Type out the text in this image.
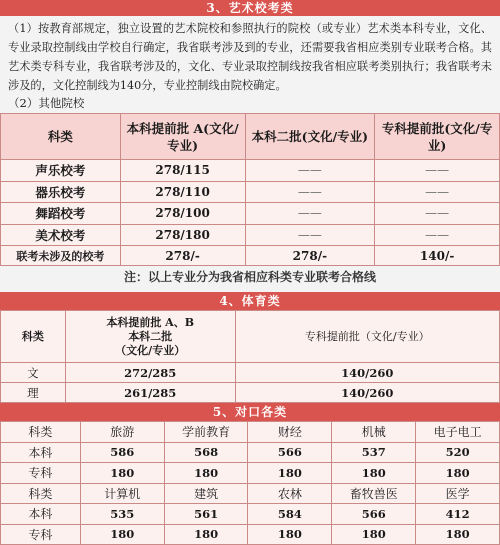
3、艺术校考类
（1）按教育部规定，独立设置的艺术院校和参照执行的院校（或专业）艺术类本科专业，文化、专业录取控制线由学校自行确定，我省联考涉及到的专业，还需要我省相应类别专业联考合格。其艺术类专科专业，我省联考涉及的，文化、专业录取控制线按我省相应联考类别执行；我省联考未涉及的，文化控制线为140分，专业控制线由院校确定。
（2）其他院校
科类	本科提前批 A(文化/专业)	本科二批(文化/专业)	专科提前批(文化/专业)
声乐校考	278/115	——	——
器乐校考	278/110	——	——
舞蹈校考	278/100	——	——
美术校考	278/180	——	——
联考未涉及的校考	278/-	278/-	140/-
注：以上专业分为我省相应科类专业联考合格线
4、体育类
科类	本科提前批 A、B
本科二批
（文化/专业）	专科提前批（文化/专业）
文	272/285	140/260
理	261/285	140/260
5、对口各类
科类	旅游	学前教育	财经	机械	电子电工
本科	586	568	566	537	520
专科	180	180	180	180	180
科类	计算机	建筑	农林	畜牧兽医	医学
本科	535	561	584	566	412
专科	180	180	180	180	180
